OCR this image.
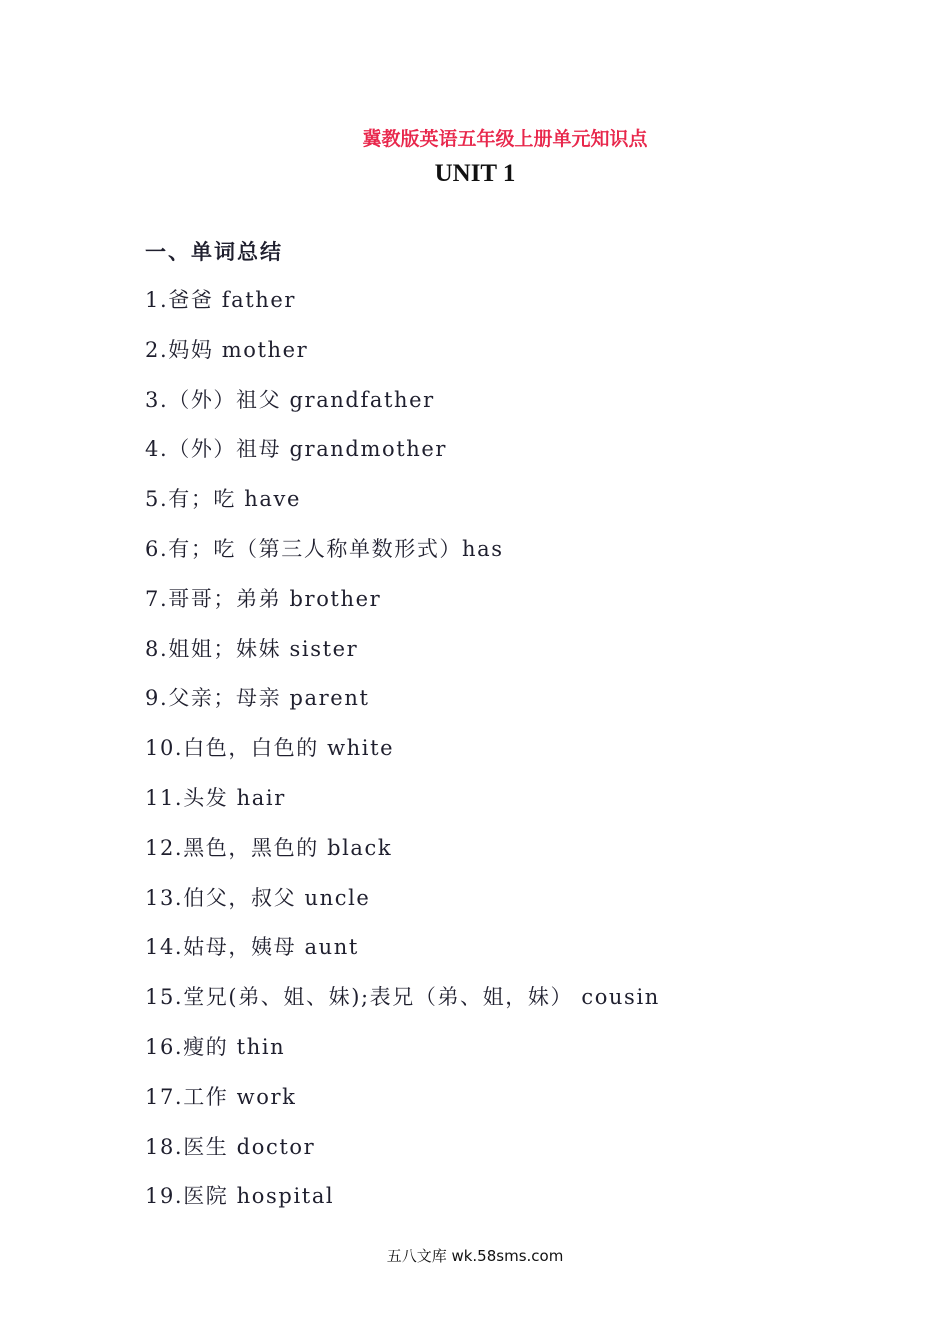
冀教版英语五年级上册单元知识点
UNIT 1
一、单词总结
1.爸爸 father
2.妈妈 mother
3.（外）祖父 grandfather
4.（外）祖母 grandmother
5.有；吃 have
6.有；吃（第三人称单数形式）has
7.哥哥；弟弟 brother
8.姐姐；妹妹 sister
9.父亲；母亲 parent
10.白色，白色的 white
11.头发 hair
12.黑色，黑色的 black
13.伯父，叔父 uncle
14.姑母，姨母 aunt
15.堂兄(弟、姐、妹);表兄（弟、姐，妹） cousin
16.瘦的 thin
17.工作 work
18.医生 doctor
19.医院 hospital
五八文库 wk.58sms.com
